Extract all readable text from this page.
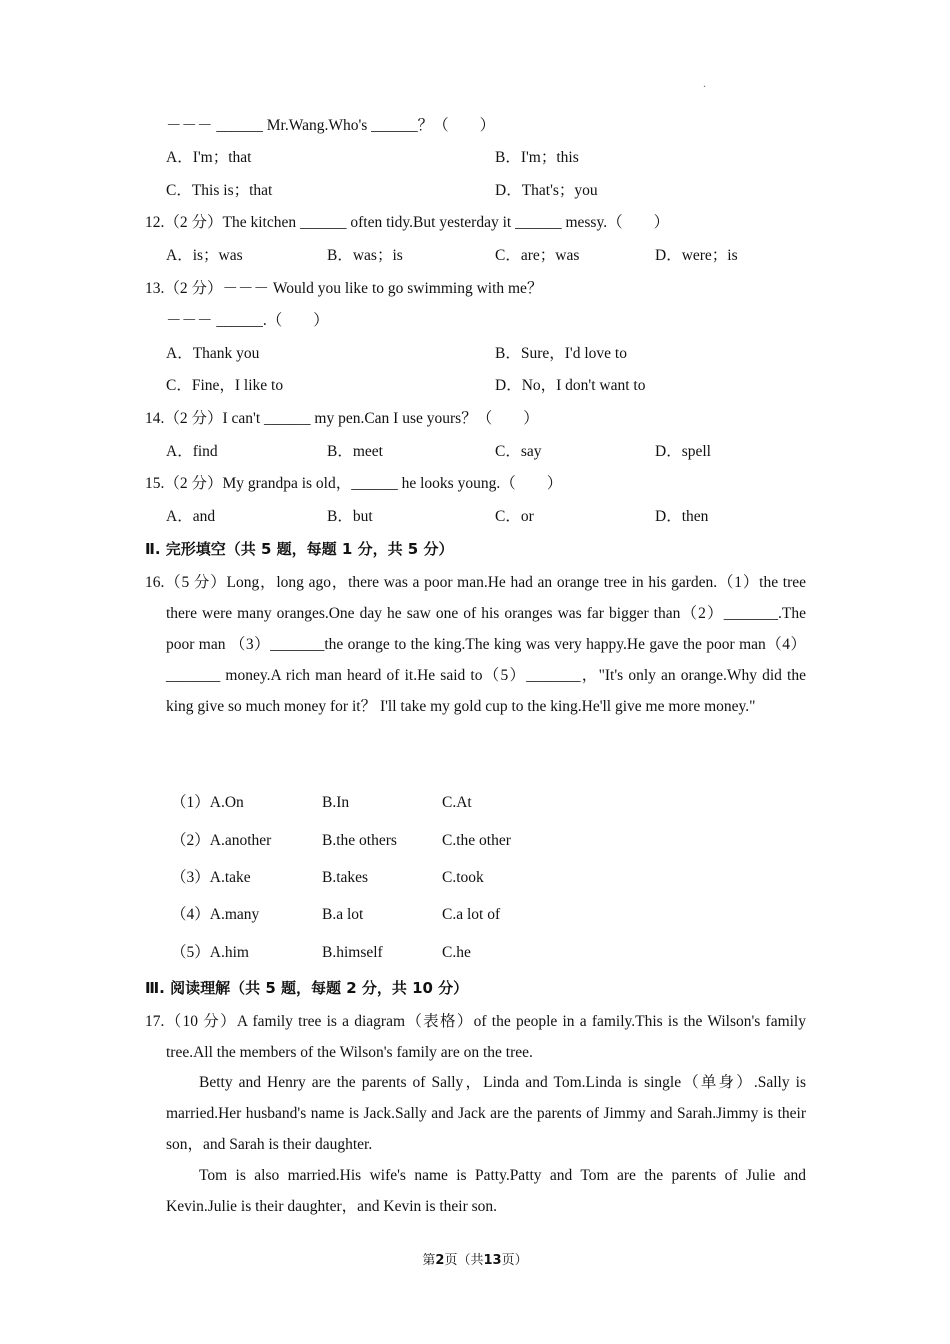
.
－－－ ______ Mr.Wang.Who's ______？（　　）
A．I'm；that	B．I'm；this
C．This is；that	D．That's；you
12.（2 分）The kitchen ______ often tidy.But yesterday it ______ messy.（　　）
A．is；was	B．was；is	C．are；was	D．were；is
13.（2 分）－－－ Would you like to go swimming with me？
－－－ ______.（　　）
A．Thank you	B．Sure，I'd love to
C．Fine，I like to	D．No，I don't want to
14.（2 分）I can't ______ my pen.Can I use yours？（　　）
A．find	B．meet	C．say	D．spell
15.（2 分）My grandpa is old，______ he looks young.（　　）
A．and	B．but	C．or	D．then
Ⅱ. 完形填空（共 5 题，每题 1 分，共 5 分）
16.（5 分）Long，long ago，there was a poor man.He had an orange tree in his garden.（1）the tree there were many oranges.One day he saw one of his oranges was far bigger than（2）_______.The poor man （3）_______the orange to the king.The king was very happy.He gave the poor man（4）_______ money.A rich man heard of it.He said to（5）_______，"It's only an orange.Why did the king give so much money for it？ I'll take my gold cup to the king.He'll give me more money."
（1）A.On	B.In	C.At
（2）A.another	B.the others	C.the other
（3）A.take	B.takes	C.took
（4）A.many	B.a lot	C.a lot of
（5）A.him	B.himself	C.he
Ⅲ. 阅读理解（共 5 题，每题 2 分，共 10 分）
17.（10 分）A family tree is a diagram（表格）of the people in a family.This is the Wilson's family tree.All the members of the Wilson's family are on the tree.
Betty and Henry are the parents of Sally，Linda and Tom.Linda is single（单身）.Sally is married.Her husband's name is Jack.Sally and Jack are the parents of Jimmy and Sarah.Jimmy is their son，and Sarah is their daughter.
Tom is also married.His wife's name is Patty.Patty and Tom are the parents of Julie and Kevin.Julie is their daughter，and Kevin is their son.
第2页（共13页）
